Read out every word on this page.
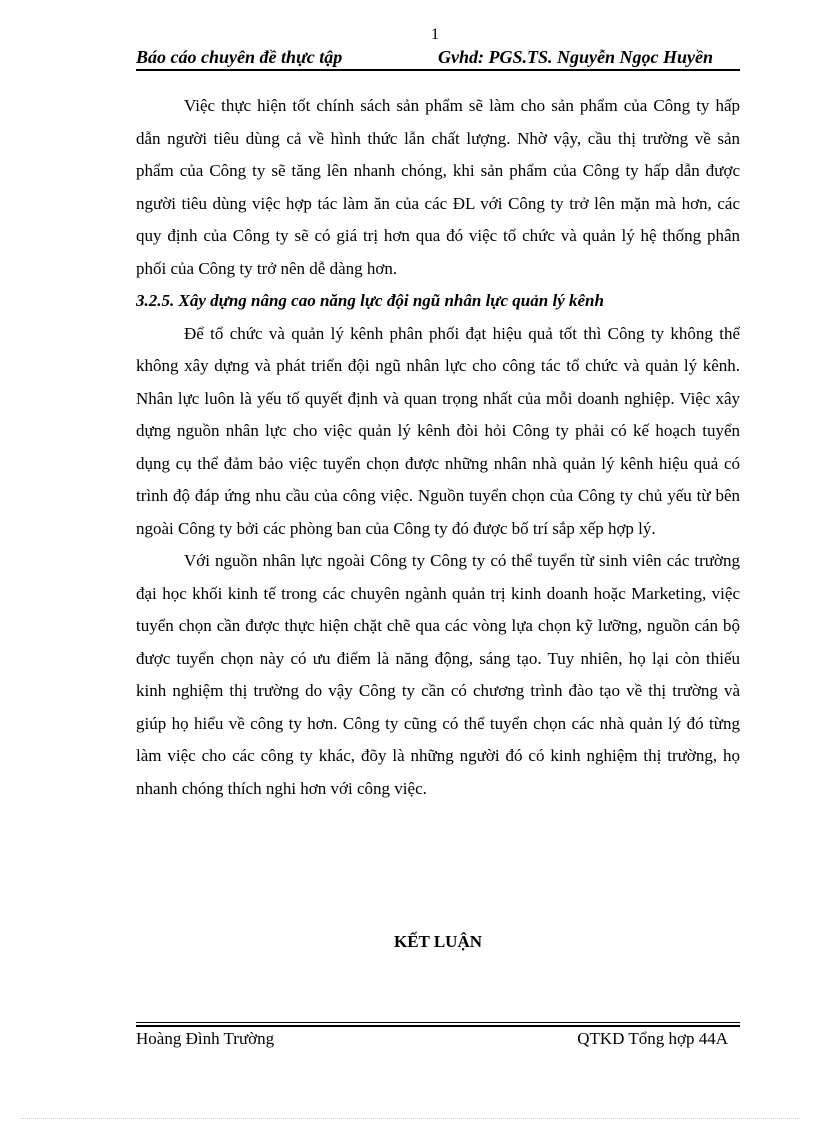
1
Báo cáo chuyên đề thực tập	Gvhd: PGS.TS. Nguyễn Ngọc Huyền

Việc thực hiện tốt chính sách sản phẩm sẽ làm cho sản phẩm của Công ty hấp dẫn người tiêu dùng cả về hình thức lẫn chất lượng. Nhờ vậy, cầu thị trường về sản phẩm của Công ty sẽ tăng lên nhanh chóng, khi sản phẩm của Công ty hấp dẫn được người tiêu dùng việc hợp tác làm ăn của các ĐL với Công ty trở lên mặn mà hơn, các quy định của Công ty sẽ có giá trị hơn qua đó việc tổ chức và quản lý hệ thống phân phối của Công ty trở nên dễ dàng hơn.

3.2.5. Xây dựng nâng cao năng lực đội ngũ nhân lực quản lý kênh

Để tổ chức và quản lý kênh phân phối đạt hiệu quả tốt thì Công ty không thể không xây dựng và phát triển đội ngũ nhân lực cho công tác tổ chức và quản lý kênh. Nhân lực luôn là yếu tố quyết định và quan trọng nhất của mỗi doanh nghiệp. Việc xây dựng nguồn nhân lực cho việc quản lý kênh đòi hỏi Công ty phải có kế hoạch tuyển dụng cụ thể đảm bảo việc tuyển chọn được những nhân nhà quản lý kênh hiệu quả có trình độ đáp ứng nhu cầu của công việc. Nguồn tuyển chọn của Công ty chủ yếu từ bên ngoài Công ty bởi các phòng ban của Công ty đó được bố trí sắp xếp hợp lý.

Với nguồn nhân lực ngoài Công ty Công ty có thể tuyển từ sinh viên các trường đại học khối kinh tế trong các chuyên ngành quản trị kinh doanh hoặc Marketing, việc tuyển chọn cần được thực hiện chặt chẽ qua các vòng lựa chọn kỹ lưỡng, nguồn cán bộ được tuyển chọn này có ưu điểm là năng động, sáng tạo. Tuy nhiên, họ lại còn thiếu kinh nghiệm thị trường do vậy Công ty cần có chương trình đào tạo về thị trường và giúp họ hiểu về công ty hơn. Công ty cũng có thể tuyển chọn các nhà quản lý đó từng làm việc cho các công ty khác, đõy là những người đó có kinh nghiệm thị trường, họ nhanh chóng thích nghi hơn với công việc.

KẾT LUẬN
Hoàng Đình Trường	QTKD Tổng hợp 44A
